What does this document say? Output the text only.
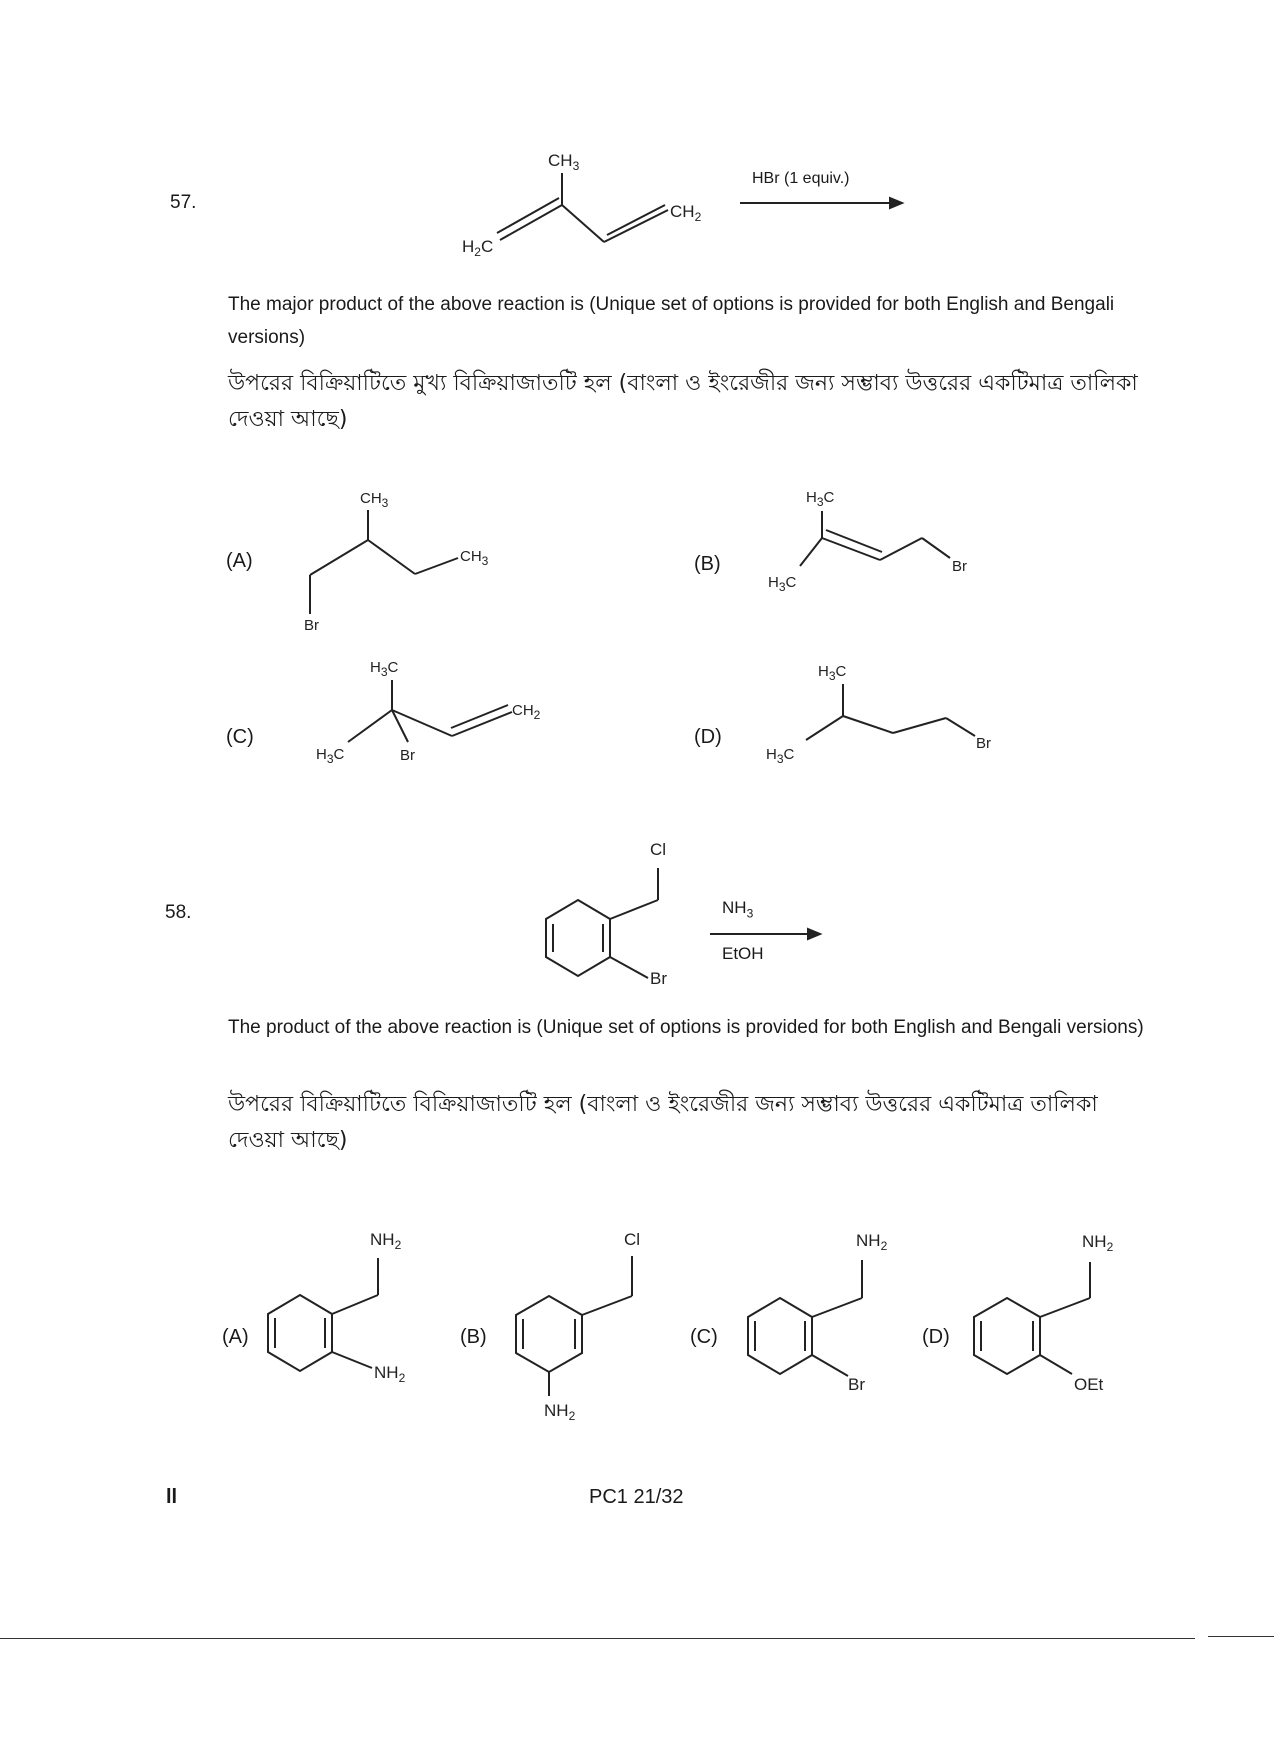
57.
$CH_3$
$CH_2$
$H_2C$
$CH_3$
$CH_3$
Br
$H_3C$
$H_3C$
Br
$H_3C$
$CH_2$
$H_3C$	Br
$H_3C$
$H_3C$
Br
Cl
Br
$NH_2$
$NH_2$
Cl
$NH_2$
$NH_2$
Br
$NH_2$
OEt
HBr (1 equiv.)
The major product of the above reaction is (Unique set of options is provided for both English and Bengali versions)
উপরের বিক্রিয়াটিতে মুখ্য বিক্রিয়াজাতটি হল (বাংলা ও ইংরেজীর জন্য সম্ভাব্য উত্তরের একটিমাত্র তালিকা দেওয়া আছে)
(A)	(B)
(C)	(D)
58.	$NH_3$
EtOH
The product of the above reaction is (Unique set of options is provided for both English and Bengali versions)
উপরের বিক্রিয়াটিতে বিক্রিয়াজাতটি হল (বাংলা ও ইংরেজীর জন্য সম্ভাব্য উত্তরের একটিমাত্র তালিকা দেওয়া আছে)
(A)	(B)	(C)	(D)
ll	PC1 21/32
